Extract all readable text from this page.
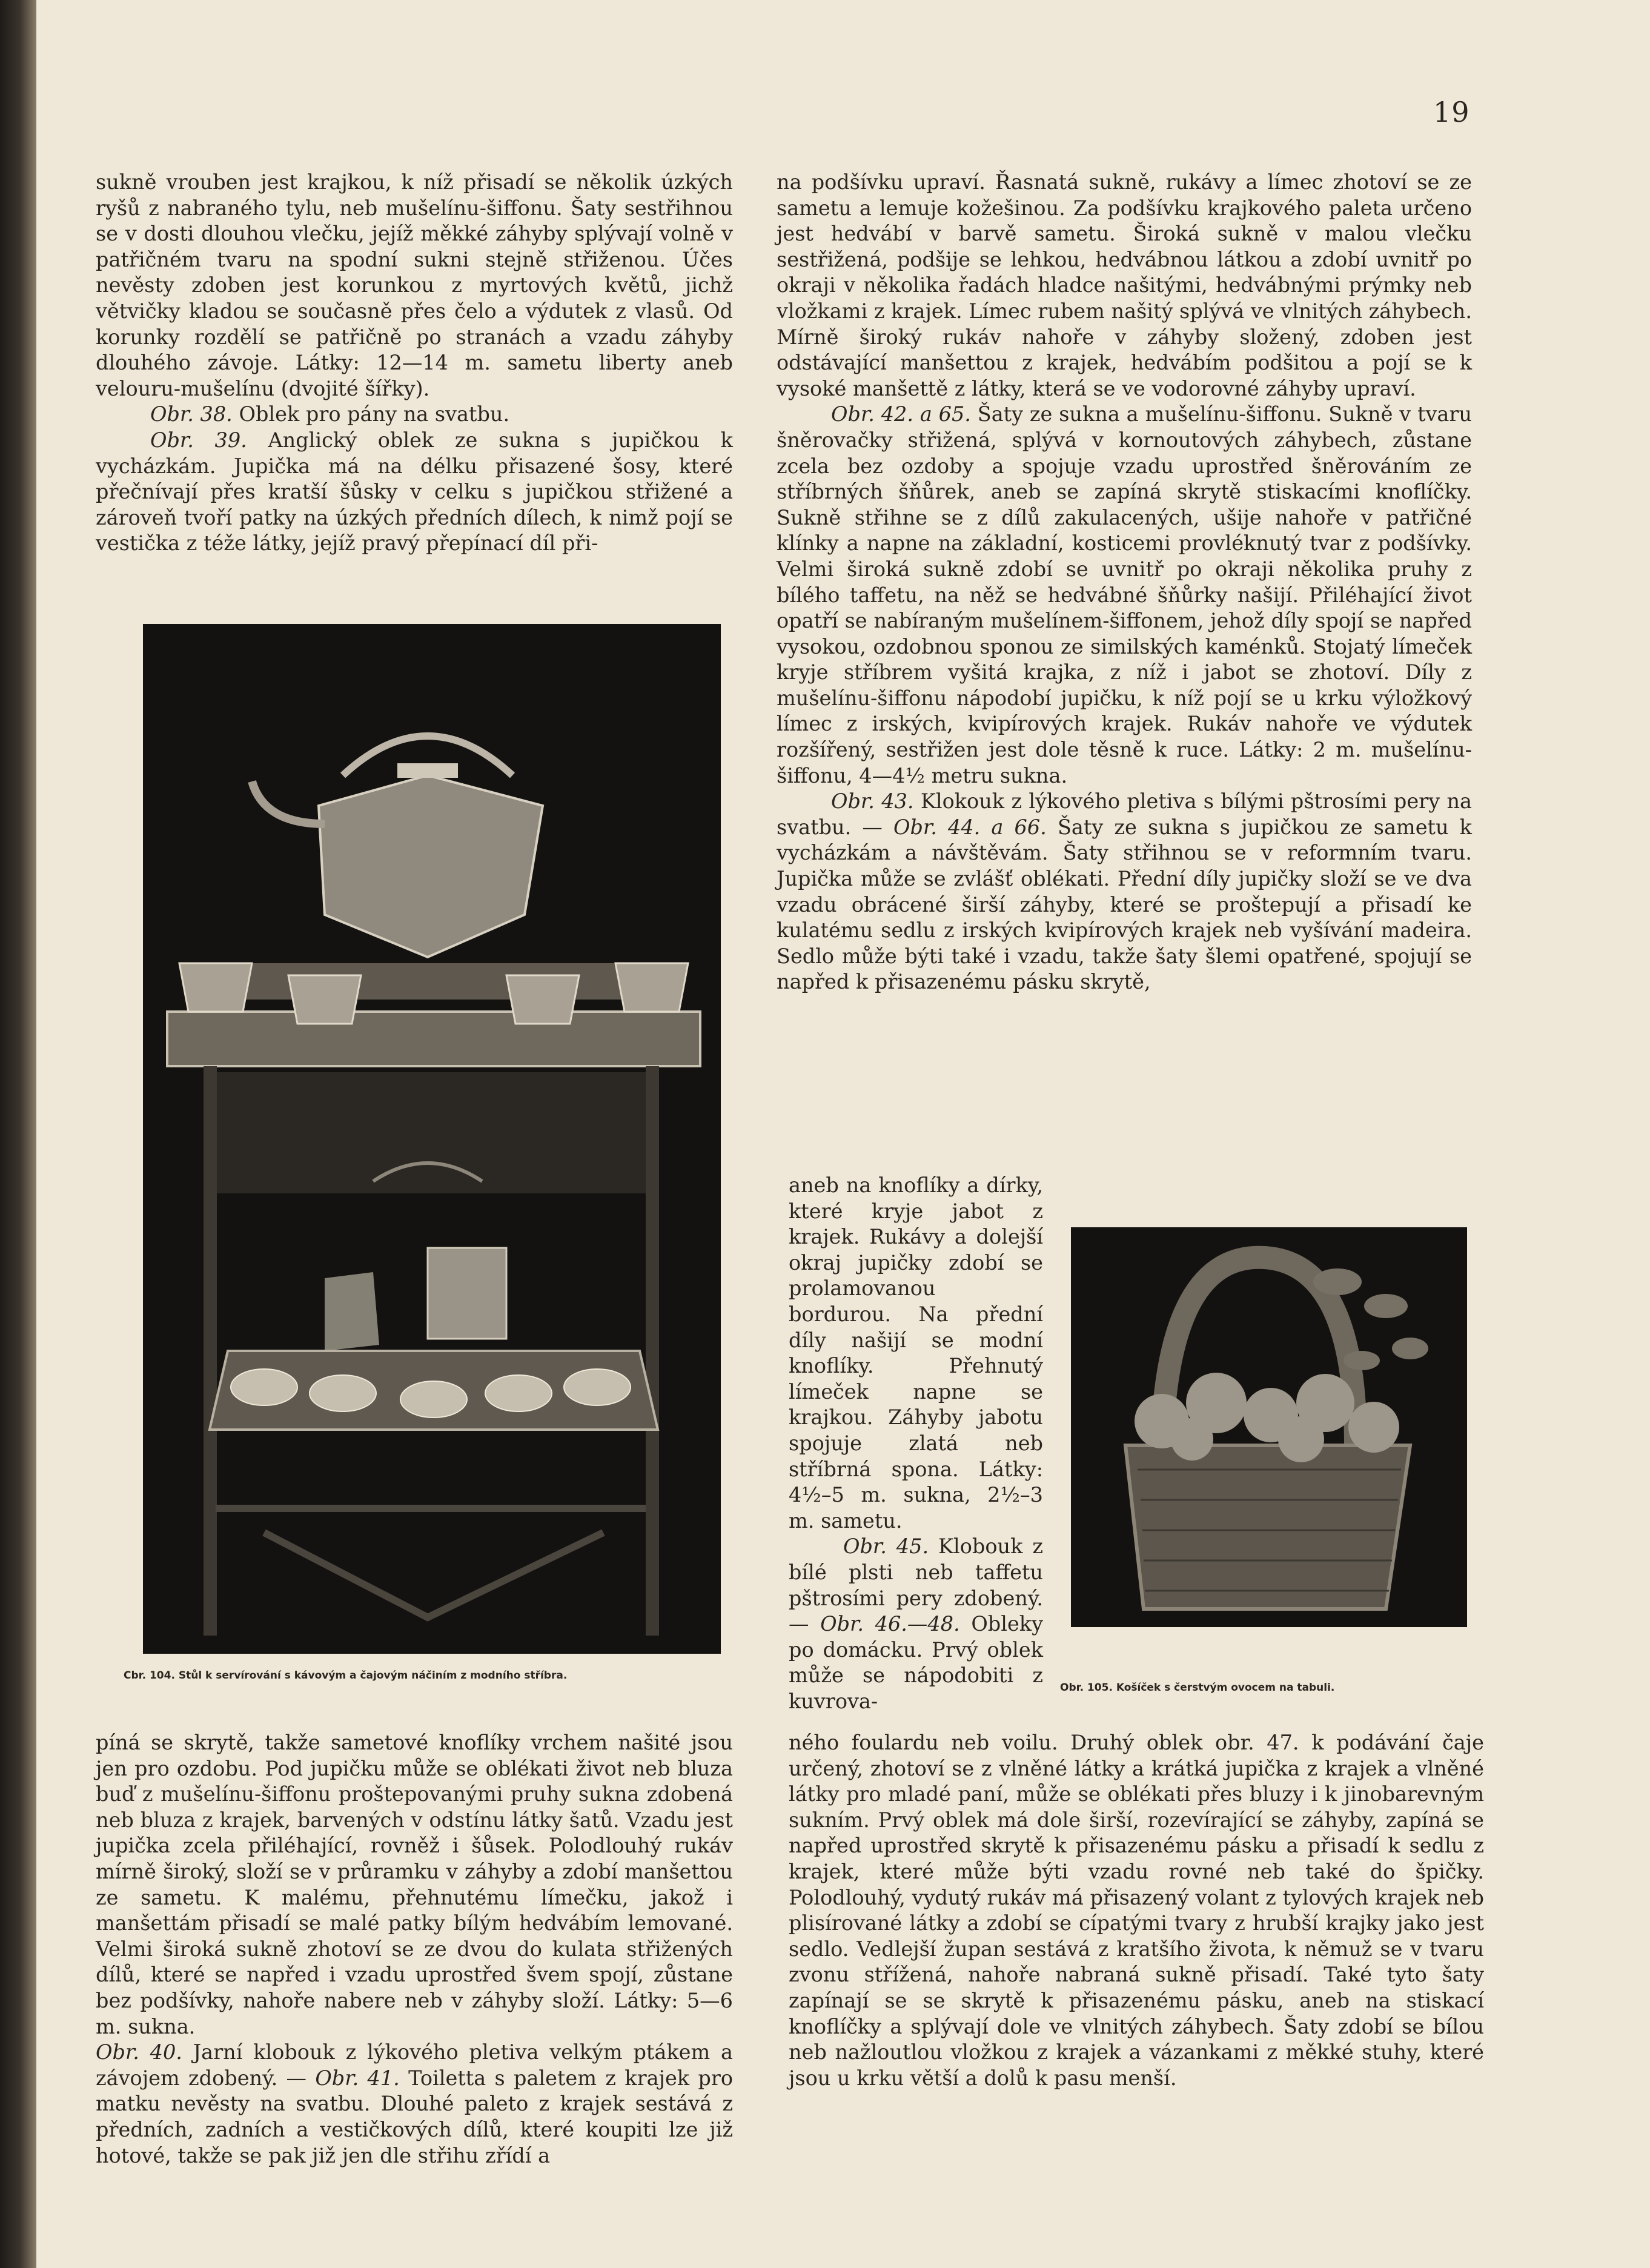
19

sukně vrouben jest krajkou, k níž přisadí se několik úzkých ryšů z nabraného tylu, neb mušelínu-šiffonu. Šaty sestřihnou se v dosti dlouhou vlečku, jejíž měkké záhyby splývají volně v patřičném tvaru na spodní sukni stejně střiženou. Účes nevěsty zdoben jest korunkou z myrtových květů, jichž větvičky kladou se současně přes čelo a výdutek z vlasů. Od korunky rozdělí se patřičně po stranách a vzadu záhyby dlouhého závoje. Látky: 12—14 m. sametu liberty aneb velouru-mušelínu (dvojité šířky).

Obr. 38. Oblek pro pány na svatbu.

Obr. 39. Anglický oblek ze sukna s jupičkou k vycházkám. Jupička má na délku přisazené šosy, které přečnívají přes kratší šůsky v celku s jupičkou střižené a zároveň tvoří patky na úzkých předních dílech, k nimž pojí se vestička z téže látky, jejíž pravý přepínací díl při-

na podšívku upraví. Řasnatá sukně, rukávy a límec zhotoví se ze sametu a lemuje kožešinou. Za podšívku krajkového paleta určeno jest hedvábí v barvě sametu. Široká sukně v malou vlečku sestřižená, podšije se lehkou, hedvábnou látkou a zdobí uvnitř po okraji v několika řadách hladce našitými, hedvábnými prýmky neb vložkami z krajek. Límec rubem našitý splývá ve vlnitých záhybech. Mírně široký rukáv nahoře v záhyby složený, zdoben jest odstávající manšettou z krajek, hedvábím podšitou a pojí se k vysoké manšettě z látky, která se ve vodorovné záhyby upraví.

Obr. 42. a 65. Šaty ze sukna a mušelínu-šiffonu. Sukně v tvaru šněrovačky střižená, splývá v kornoutových záhybech, zůstane zcela bez ozdoby a spojuje vzadu uprostřed šněrováním ze stříbrných šňůrek, aneb se zapíná skrytě stiskacími knoflíčky. Sukně střihne se z dílů zakulacených, ušije nahoře v patřičné klínky a napne na základní, kosticemi provléknutý tvar z podšívky. Velmi široká sukně zdobí se uvnitř po okraji několika pruhy z bílého taffetu, na něž se hedvábné šňůrky našijí. Přiléhající život opatří se nabíraným mušelínem-šiffonem, jehož díly spojí se napřed vysokou, ozdobnou sponou ze similských kaménků. Stojatý límeček kryje stříbrem vyšitá krajka, z níž i jabot se zhotoví. Díly z mušelínu-šiffonu nápodobí jupičku, k níž pojí se u krku výložkový límec z irských, kvipírových krajek. Rukáv nahoře ve výdutek rozšířený, sestřižen jest dole těsně k ruce. Látky: 2 m. mušelínu-šiffonu, 4—4½ metru sukna.

Obr. 43. Klokouk z lýkového pletiva s bílými pštrosími pery na svatbu. — Obr. 44. a 66. Šaty ze sukna s jupičkou ze sametu k vycházkám a návštěvám. Šaty střihnou se v reformním tvaru. Jupička může se zvlášť oblékati. Přední díly jupičky složí se ve dva vzadu obrácené širší záhyby, které se proštepují a přisadí ke kulatému sedlu z irských kvipírových krajek neb vyšívání madeira. Sedlo může býti také i vzadu, takže šaty šlemi opatřené, spojují se napřed k přisazenému pásku skrytě,

aneb na knoflíky a dírky, které kryje jabot z krajek. Rukávy a dolejší okraj jupičky zdobí se prolamovanou bordurou. Na přední díly našijí se modní knoflíky. Přehnutý límeček napne se krajkou. Záhyby jabotu spojuje zlatá neb stříbrná spona. Látky: 4½–5 m. sukna, 2½–3 m. sametu.

Obr. 45. Klobouk z bílé plsti neb taffetu pštrosími pery zdobený. — Obr. 46.—48. Obleky po domácku. Prvý oblek může se nápodobiti z kuvrova-

Cbr. 104. Stůl k servírování s kávovým a čajovým náčiním z modního stříbra.
Obr. 105. Košíček s čerstvým ovocem na tabuli.

píná se skrytě, takže sametové knoflíky vrchem našité jsou jen pro ozdobu. Pod jupičku může se oblékati život neb bluza buď z mušelínu-šiffonu proštepovanými pruhy sukna zdobená neb bluza z krajek, barvených v odstínu látky šatů. Vzadu jest jupička zcela přiléhající, rovněž i šůsek. Polodlouhý rukáv mírně široký, složí se v průramku v záhyby a zdobí manšettou ze sametu. K malému, přehnutému límečku, jakož i manšettám přisadí se malé patky bílým hedvábím lemované. Velmi široká sukně zhotoví se ze dvou do kulata střižených dílů, které se napřed i vzadu uprostřed švem spojí, zůstane bez podšívky, nahoře nabere neb v záhyby složí. Látky: 5—6 m. sukna.

Obr. 40. Jarní klobouk z lýkového pletiva velkým ptákem a závojem zdobený. — Obr. 41. Toiletta s paletem z krajek pro matku nevěsty na svatbu. Dlouhé paleto z krajek sestává z předních, zadních a vestičkových dílů, které koupiti lze již hotové, takže se pak již jen dle střihu zřídí a

ného foulardu neb voilu. Druhý oblek obr. 47. k podávání čaje určený, zhotoví se z vlněné látky a krátká jupička z krajek a vlněné látky pro mladé paní, může se oblékati přes bluzy i k jinobarevným sukním. Prvý oblek má dole širší, rozevírající se záhyby, zapíná se napřed uprostřed skrytě k přisazenému pásku a přisadí k sedlu z krajek, které může býti vzadu rovné neb také do špičky. Polodlouhý, vydutý rukáv má přisazený volant z tylových krajek neb plisírované látky a zdobí se cípatými tvary z hrubší krajky jako jest sedlo. Vedlejší župan sestává z kratšího života, k němuž se v tvaru zvonu střížená, nahoře nabraná sukně přisadí. Také tyto šaty zapínají se se skrytě k přisazenému pásku, aneb na stiskací knoflíčky a splývají dole ve vlnitých záhybech. Šaty zdobí se bílou neb nažloutlou vložkou z krajek a vázankami z měkké stuhy, které jsou u krku větší a dolů k pasu menší.
